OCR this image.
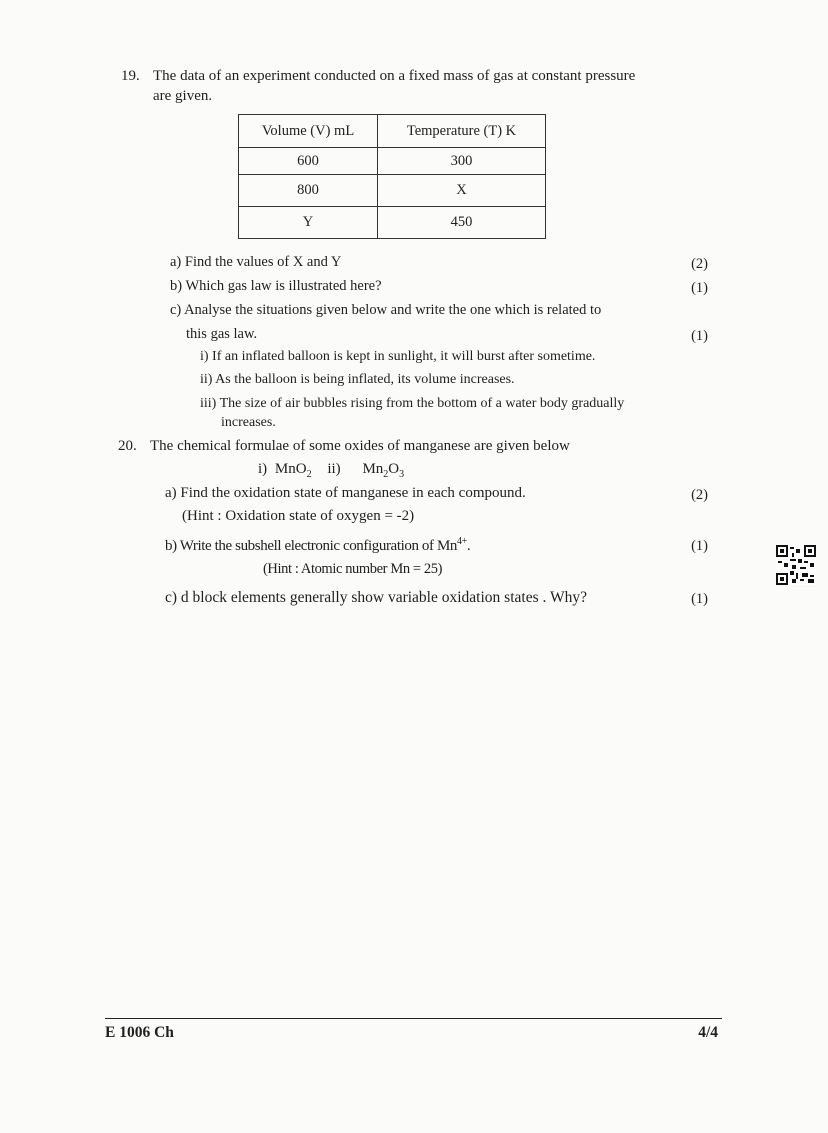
19. The data of an experiment conducted on a fixed mass of gas at constant pressure
are given.
Volume (V) mL	Temperature (T) K
600	300
800	X
Y	450
a) Find the values of X and Y	(2)
b) Which gas law is illustrated here?	(1)
c) Analyse the situations given below and write the one which is related to
this gas law.	(1)
i) If an inflated balloon is kept in sunlight, it will burst after sometime.
ii) As the balloon is being inflated, its volume increases.
iii) The size of air bubbles rising from the bottom of a water body gradually
increases.
20. The chemical formulae of some oxides of manganese are given below
i) MnO$_2$ ii) $Mn_2O_3$
a) Find the oxidation state of manganese in each compound.	(2)
(Hint : Oxidation state of oxygen = -2)
b) Write the subshell electronic configuration of $Mn^{4+}$.	(1)
(Hint : Atomic number Mn = 25)
c) d block elements generally show variable oxidation states . Why?	(1)
E 1006 Ch	4/4
